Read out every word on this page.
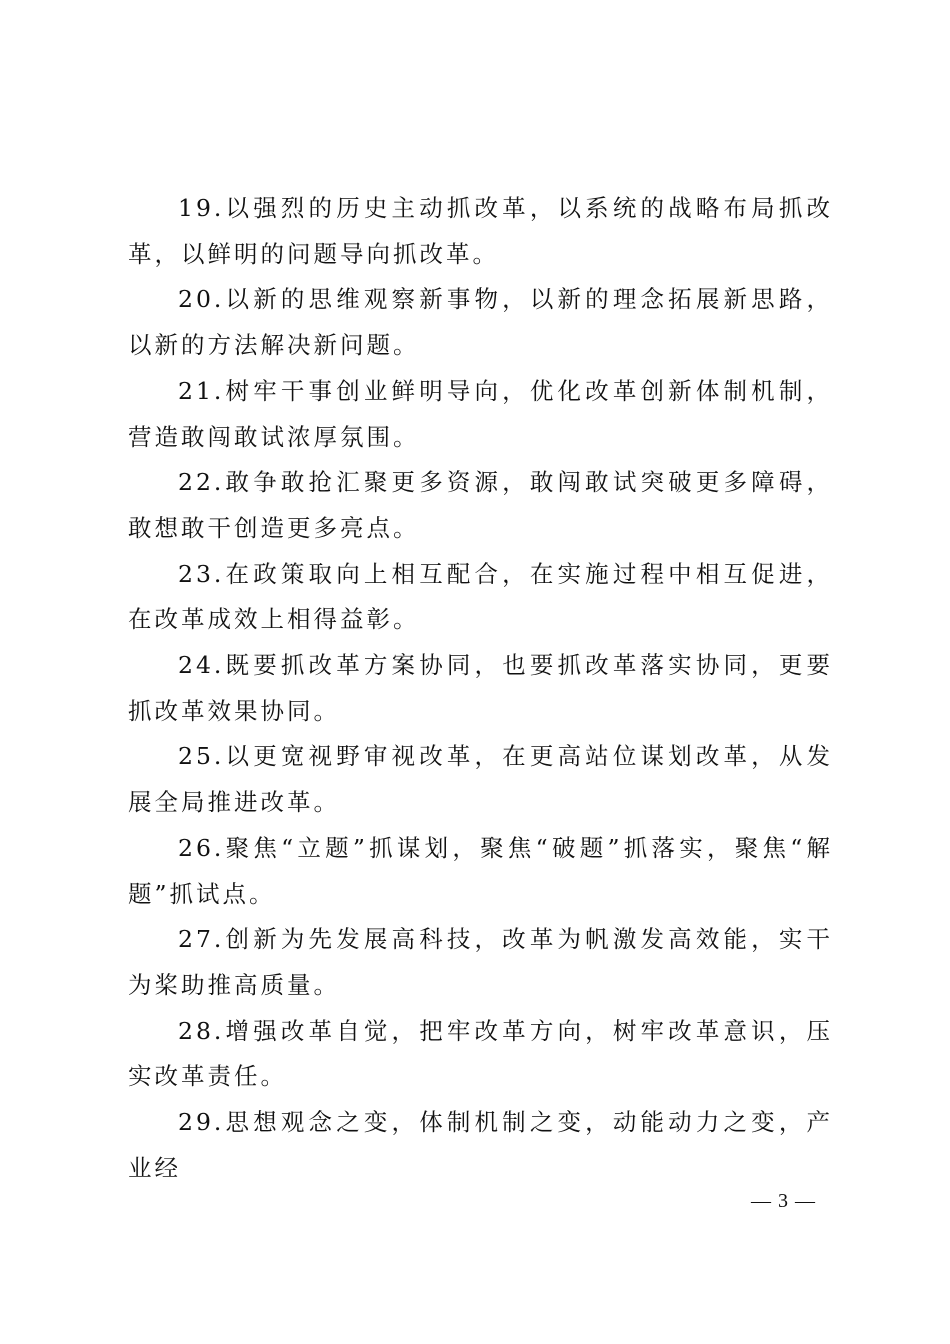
19.以强烈的历史主动抓改革，以系统的战略布局抓改革，以鲜明的问题导向抓改革。

20.以新的思维观察新事物，以新的理念拓展新思路，以新的方法解决新问题。

21.树牢干事创业鲜明导向，优化改革创新体制机制，营造敢闯敢试浓厚氛围。

22.敢争敢抢汇聚更多资源，敢闯敢试突破更多障碍，敢想敢干创造更多亮点。

23.在政策取向上相互配合，在实施过程中相互促进，在改革成效上相得益彰。

24.既要抓改革方案协同，也要抓改革落实协同，更要抓改革效果协同。

25.以更宽视野审视改革，在更高站位谋划改革，从发展全局推进改革。

26.聚焦“立题”抓谋划，聚焦“破题”抓落实，聚焦“解题”抓试点。

27.创新为先发展高科技，改革为帆激发高效能，实干为桨助推高质量。

28.增强改革自觉，把牢改革方向，树牢改革意识，压实改革责任。

29.思想观念之变，体制机制之变，动能动力之变，产业经

— 3 —
